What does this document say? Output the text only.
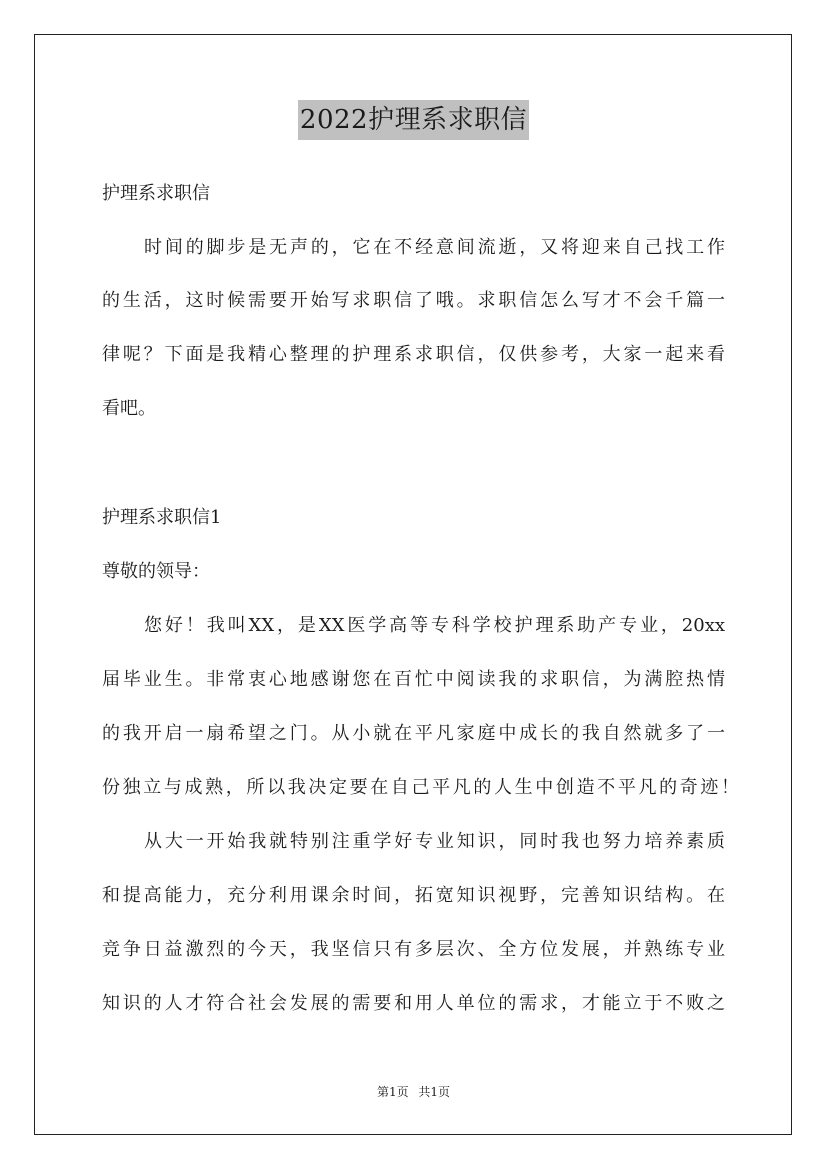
2022护理系求职信
护理系求职信
时间的脚步是无声的，它在不经意间流逝，又将迎来自己找工作
的生活，这时候需要开始写求职信了哦。求职信怎么写才不会千篇一
律呢？下面是我精心整理的护理系求职信，仅供参考，大家一起来看
看吧。
护理系求职信1
尊敬的领导：
您好！我叫XX，是XX医学高等专科学校护理系助产专业，20xx
届毕业生。非常衷心地感谢您在百忙中阅读我的求职信，为满腔热情
的我开启一扇希望之门。从小就在平凡家庭中成长的我自然就多了一
份独立与成熟，所以我决定要在自己平凡的人生中创造不平凡的奇迹！
从大一开始我就特别注重学好专业知识，同时我也努力培养素质
和提高能力，充分利用课余时间，拓宽知识视野，完善知识结构。在
竞争日益激烈的今天，我坚信只有多层次、全方位发展，并熟练专业
知识的人才符合社会发展的需要和用人单位的需求，才能立于不败之
第1页 共1页
